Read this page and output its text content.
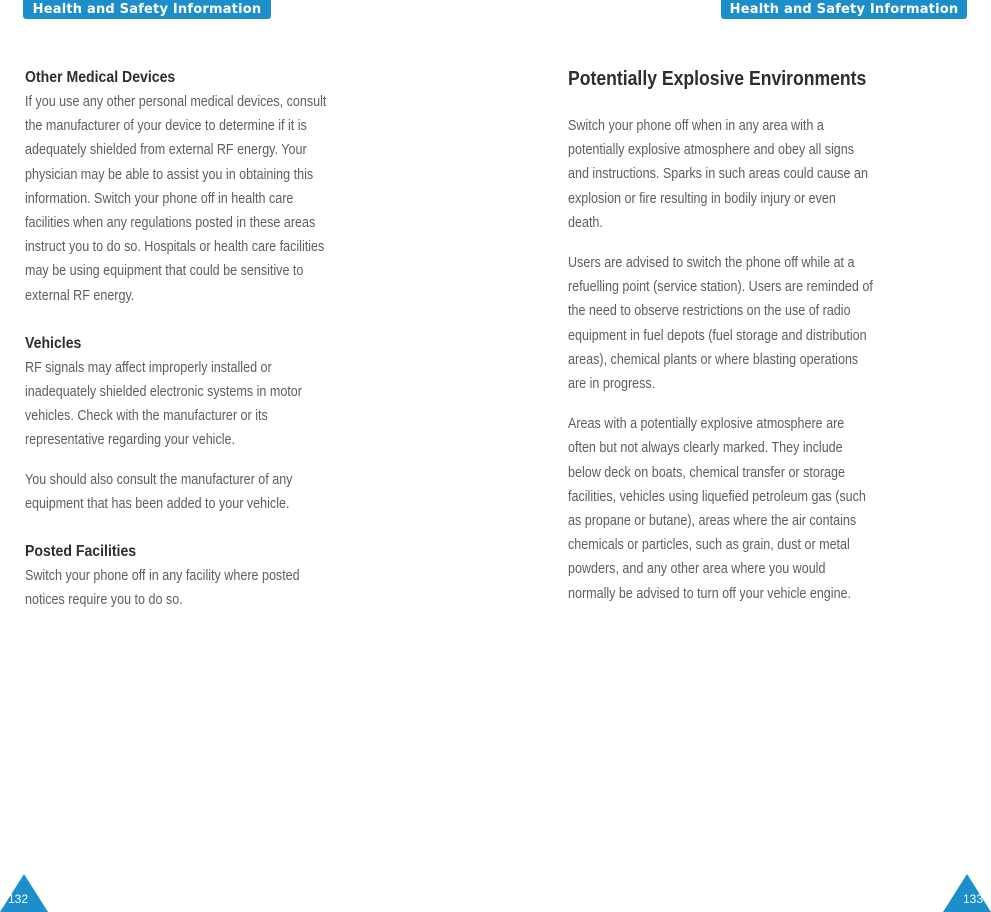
Health and Safety Information
Other Medical Devices

If you use any other personal medical devices, consult
the manufacturer of your device to determine if it is
adequately shielded from external RF energy. Your
physician may be able to assist you in obtaining this
information. Switch your phone off in health care
facilities when any regulations posted in these areas
instruct you to do so. Hospitals or health care facilities
may be using equipment that could be sensitive to
external RF energy.

Vehicles

RF signals may affect improperly installed or
inadequately shielded electronic systems in motor
vehicles. Check with the manufacturer or its
representative regarding your vehicle.

You should also consult the manufacturer of any
equipment that has been added to your vehicle.

Posted Facilities

Switch your phone off in any facility where posted
notices require you to do so.

132
Health and Safety Information
Potentially Explosive Environments

Switch your phone off when in any area with a
potentially explosive atmosphere and obey all signs
and instructions. Sparks in such areas could cause an
explosion or fire resulting in bodily injury or even
death.

Users are advised to switch the phone off while at a
refuelling point (service station). Users are reminded of
the need to observe restrictions on the use of radio
equipment in fuel depots (fuel storage and distribution
areas), chemical plants or where blasting operations
are in progress.

Areas with a potentially explosive atmosphere are
often but not always clearly marked. They include
below deck on boats, chemical transfer or storage
facilities, vehicles using liquefied petroleum gas (such
as propane or butane), areas where the air contains
chemicals or particles, such as grain, dust or metal
powders, and any other area where you would
normally be advised to turn off your vehicle engine.

133
